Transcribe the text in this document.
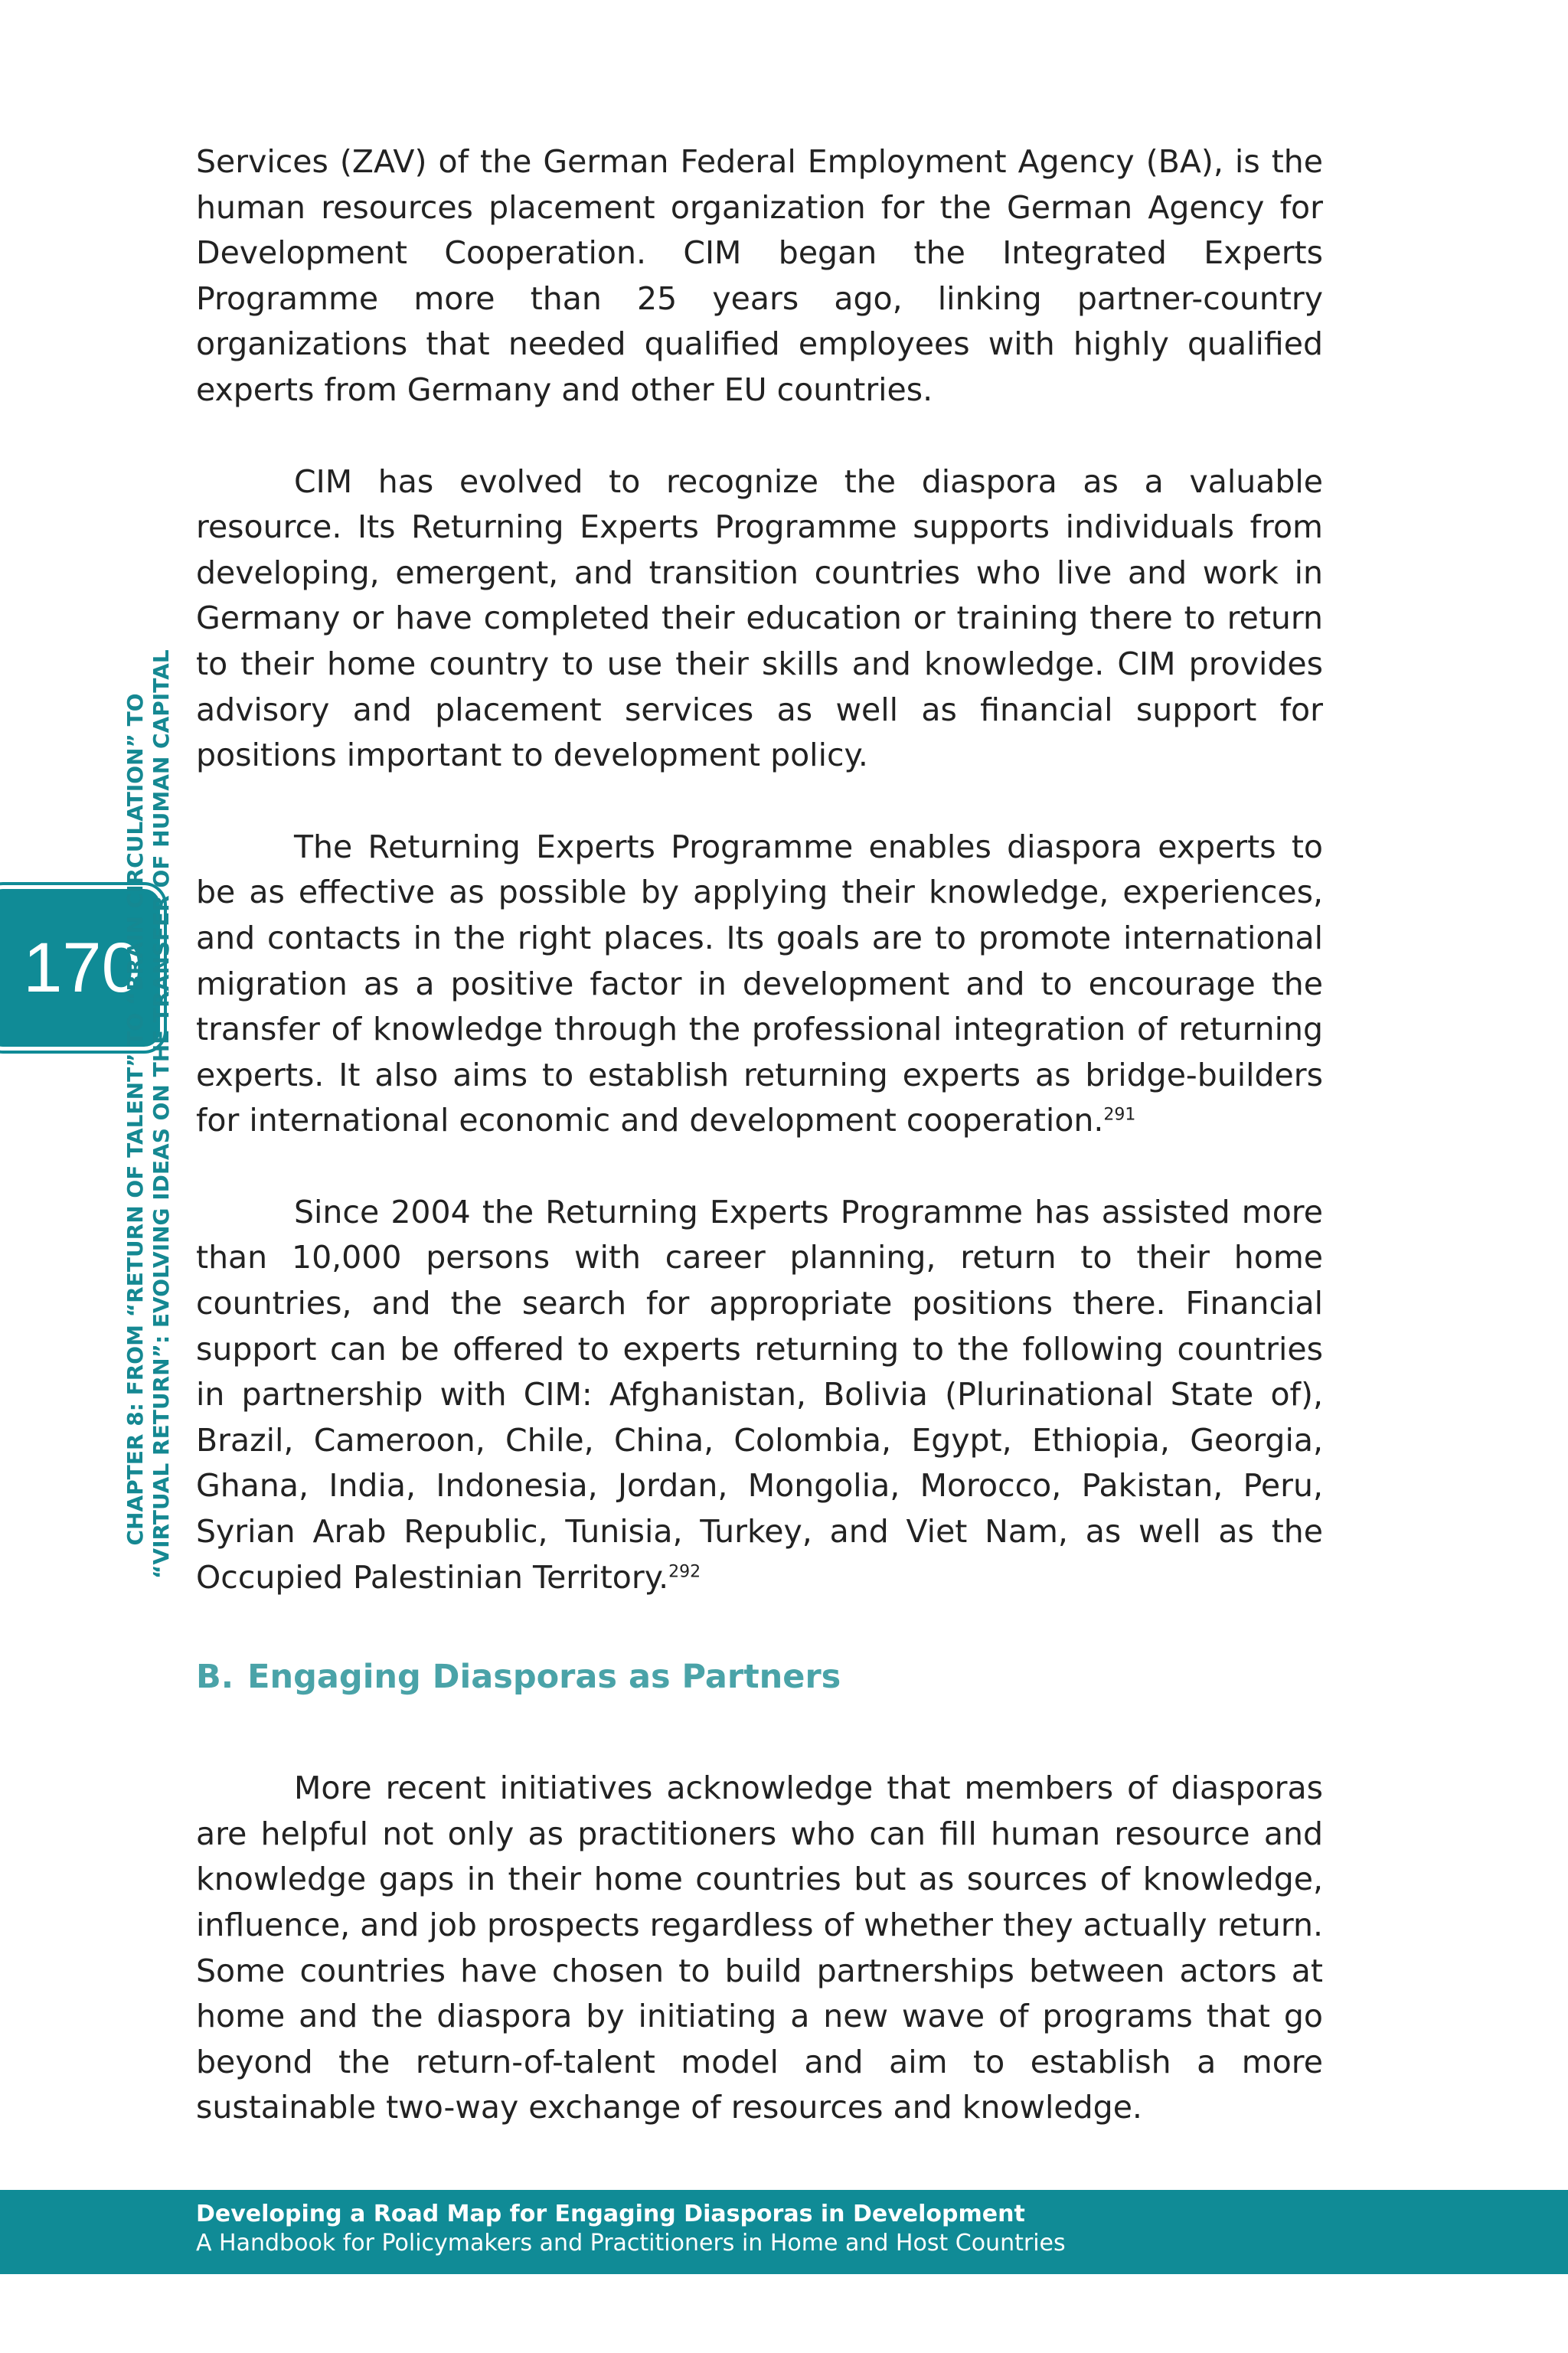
170
CHAPTER 8: FROM “RETURN OF TALENT” TO “BRAIN CIRCULATION” TO “VIRTUAL RETURN”: EVOLVING IDEAS ON THE TRANSFER OF HUMAN CAPITAL

Services (ZAV) of the German Federal Employment Agency (BA), is the human resources placement organization for the German Agency for Development Cooperation. CIM began the Integrated Experts Programme more than 25 years ago, linking partner-country organizations that needed qualified employees with highly qualified experts from Germany and other EU countries.

CIM has evolved to recognize the diaspora as a valuable resource. Its Returning Experts Programme supports individuals from developing, emergent, and transition countries who live and work in Germany or have completed their education or training there to return to their home country to use their skills and knowledge. CIM provides advisory and placement services as well as financial support for positions important to development policy.

The Returning Experts Programme enables diaspora experts to be as effective as possible by applying their knowledge, experiences, and contacts in the right places. Its goals are to promote international migration as a positive factor in development and to encourage the transfer of knowledge through the professional integration of returning experts. It also aims to establish returning experts as bridge-builders for international economic and development cooperation.$^{291}$

Since 2004 the Returning Experts Programme has assisted more than 10,000 persons with career planning, return to their home countries, and the search for appropriate positions there. Financial support can be offered to experts returning to the following countries in partnership with CIM: Afghanistan, Bolivia (Plurinational State of), Brazil, Cameroon, Chile, China, Colombia, Egypt, Ethiopia, Georgia, Ghana, India, Indonesia, Jordan, Mongolia, Morocco, Pakistan, Peru, Syrian Arab Republic, Tunisia, Turkey, and Viet Nam, as well as the Occupied Palestinian Territory.$^{292}$

B. Engaging Diasporas as Partners

More recent initiatives acknowledge that members of diasporas are helpful not only as practitioners who can fill human resource and knowledge gaps in their home countries but as sources of knowledge, influence, and job prospects regardless of whether they actually return. Some countries have chosen to build partnerships between actors at home and the diaspora by initiating a new wave of programs that go beyond the return-of-talent model and aim to establish a more sustainable two-way exchange of resources and knowledge.

Developing a Road Map for Engaging Diasporas in Development
A Handbook for Policymakers and Practitioners in Home and Host Countries
